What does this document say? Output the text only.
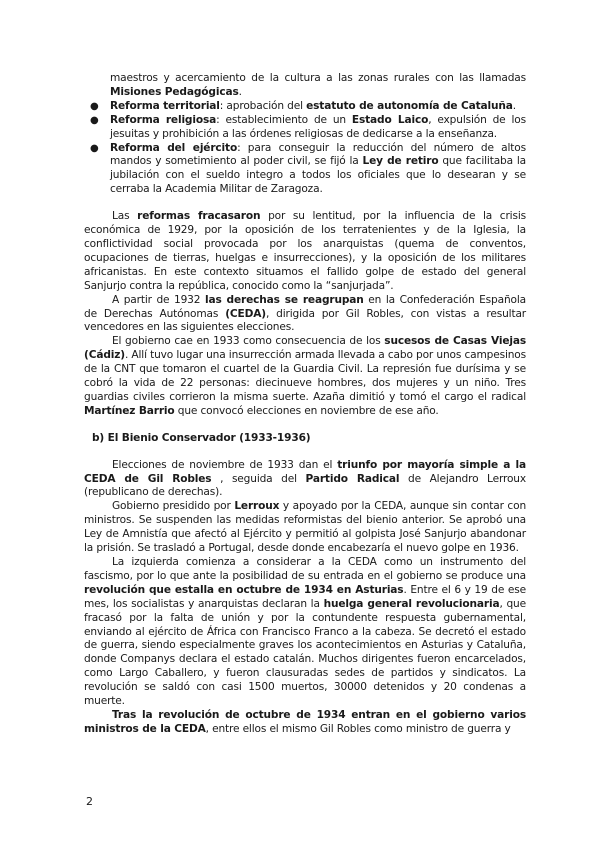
maestros y acercamiento de la cultura a las zonas rurales con las llamadas Misiones Pedagógicas.

● Reforma territorial: aprobación del estatuto de autonomía de Cataluña.
● Reforma religiosa: establecimiento de un Estado Laico, expulsión de los jesuitas y prohibición a las órdenes religiosas de dedicarse a la enseñanza.
● Reforma del ejército: para conseguir la reducción del número de altos mandos y sometimiento al poder civil, se fijó la Ley de retiro que facilitaba la jubilación con el sueldo integro a todos los oficiales que lo desearan y se cerraba la Academia Militar de Zaragoza.

Las reformas fracasaron por su lentitud, por la influencia de la crisis económica de 1929, por la oposición de los terratenientes y de la Iglesia, la conflictividad social provocada por los anarquistas (quema de conventos, ocupaciones de tierras, huelgas e insurrecciones), y la oposición de los militares africanistas. En este contexto situamos el fallido golpe de estado del general Sanjurjo contra la república, conocido como la “sanjurjada”.

A partir de 1932 las derechas se reagrupan en la Confederación Española de Derechas Autónomas (CEDA), dirigida por Gil Robles, con vistas a resultar vencedores en las siguientes elecciones.

El gobierno cae en 1933 como consecuencia de los sucesos de Casas Viejas (Cádiz). Allí tuvo lugar una insurrección armada llevada a cabo por unos campesinos de la CNT que tomaron el cuartel de la Guardia Civil. La represión fue durísima y se cobró la vida de 22 personas: diecinueve hombres, dos mujeres y un niño. Tres guardias civiles corrieron la misma suerte. Azaña dimitió y tomó el cargo el radical Martínez Barrio que convocó elecciones en noviembre de ese año.

b) El Bienio Conservador (1933-1936)

Elecciones de noviembre de 1933 dan el triunfo por mayoría simple a la CEDA de Gil Robles , seguida del Partido Radical de Alejandro Lerroux (republicano de derechas).

Gobierno presidido por Lerroux y apoyado por la CEDA, aunque sin contar con ministros. Se suspenden las medidas reformistas del bienio anterior. Se aprobó una Ley de Amnistía que afectó al Ejército y permitió al golpista José Sanjurjo abandonar la prisión. Se trasladó a Portugal, desde donde encabezaría el nuevo golpe en 1936.

La izquierda comienza a considerar a la CEDA como un instrumento del fascismo, por lo que ante la posibilidad de su entrada en el gobierno se produce una revolución que estalla en octubre de 1934 en Asturias. Entre el 6 y 19 de ese mes, los socialistas y anarquistas declaran la huelga general revolucionaria, que fracasó por la falta de unión y por la contundente respuesta gubernamental, enviando al ejército de África con Francisco Franco a la cabeza. Se decretó el estado de guerra, siendo especialmente graves los acontecimientos en Asturias y Cataluña, donde Companys declara el estado catalán. Muchos dirigentes fueron encarcelados, como Largo Caballero, y fueron clausuradas sedes de partidos y sindicatos. La revolución se saldó con casi 1500 muertos, 30000 detenidos y 20 condenas a muerte.

Tras la revolución de octubre de 1934 entran en el gobierno varios ministros de la CEDA, entre ellos el mismo Gil Robles como ministro de guerra y

2
